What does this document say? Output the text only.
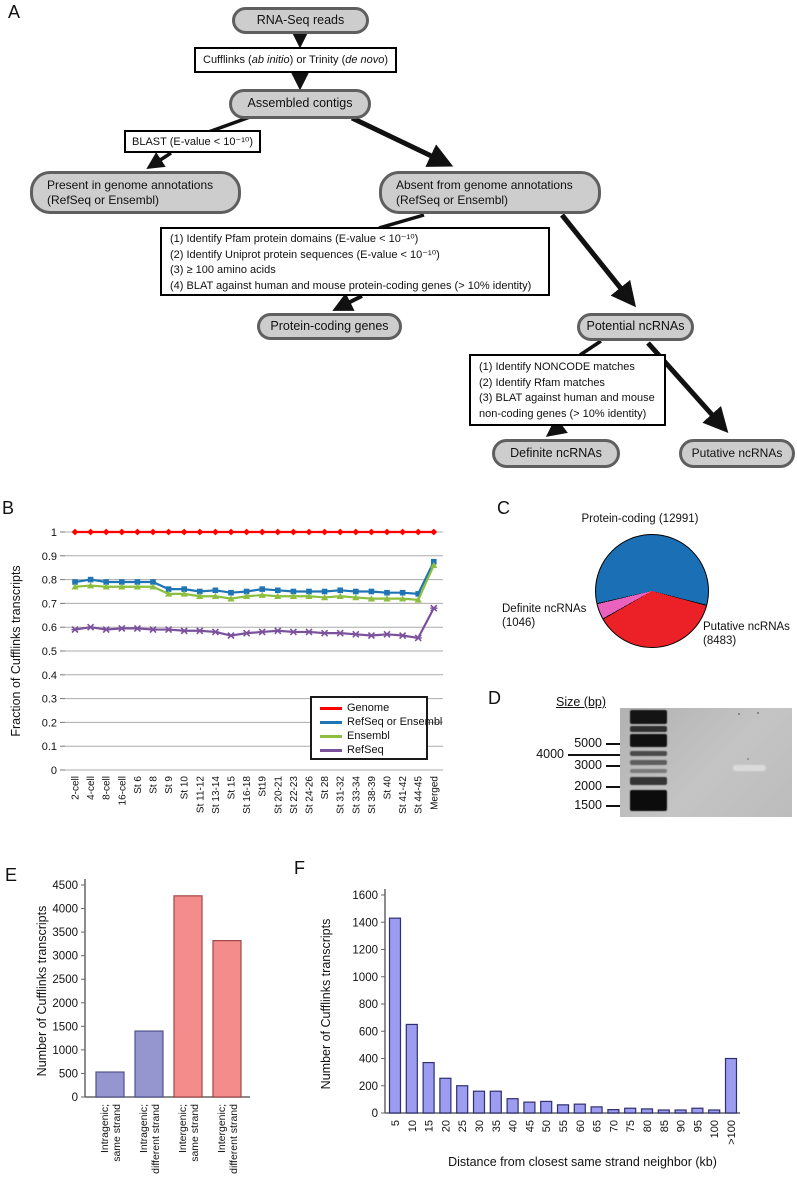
A	RNA-Seq reads
Cufflinks (ab initio) or Trinity (de novo)
Assembled contigs
BLAST (E-value < 10⁻¹⁰)
Present in genome annotations
(RefSeq or Ensembl)
Absent from genome annotations
(RefSeq or Ensembl)
(1) Identify Pfam protein domains (E-value < 10⁻¹⁰)
(2) Identify Uniprot protein sequences (E-value < 10⁻¹⁰)
(3) ≥ 100 amino acids
(4) BLAT against human and mouse protein-coding genes (> 10% identity)
Protein-coding genes	Potential ncRNAs
(1) Identify NONCODE matches
(2) Identify Rfam matches
(3) BLAT against human and mouse non-coding genes (> 10% identity)
Definite ncRNAs	Putative ncRNAs
B
0
0.1
0.2
0.3
0.4
0.5
0.6
0.7
0.8
0.9
1
2-cell 4-cell 8-cell 16-cell St 6 St 8 St 9 St 10 St 11-12 St 13-14 St 15 St 16-18 St19 St 20-21 St 22-23 St 24-26 St 28 St 31-32 St 33-34 St 38-39 St 40 St 41-42 St 44-45 Merged
Fraction of Cufflinks transcripts	Genome
RefSeq or Ensembl
Ensembl
RefSeq
C
Protein-coding (12991)
Definite ncRNAs
(1046)	Putative ncRNAs
(8483)
D	Size (bp)
5000
4000
3000
2000
1500
E
0
500
1000
1500
2000
2500
3000
3500
4000
4500
Intragenic; same strand Intragenic; different strand Intergenic; same strand Intergenic; different strand
Number of Cufflinks transcripts
F
0
200
400
600
800
1000
1200
1400
1600
5 10 15 20 25 30 35 40 45 50 55 60 65 70 75 80 85 90 95 100 >100
Number of Cufflinks transcripts
Distance from closest same strand neighbor (kb)
